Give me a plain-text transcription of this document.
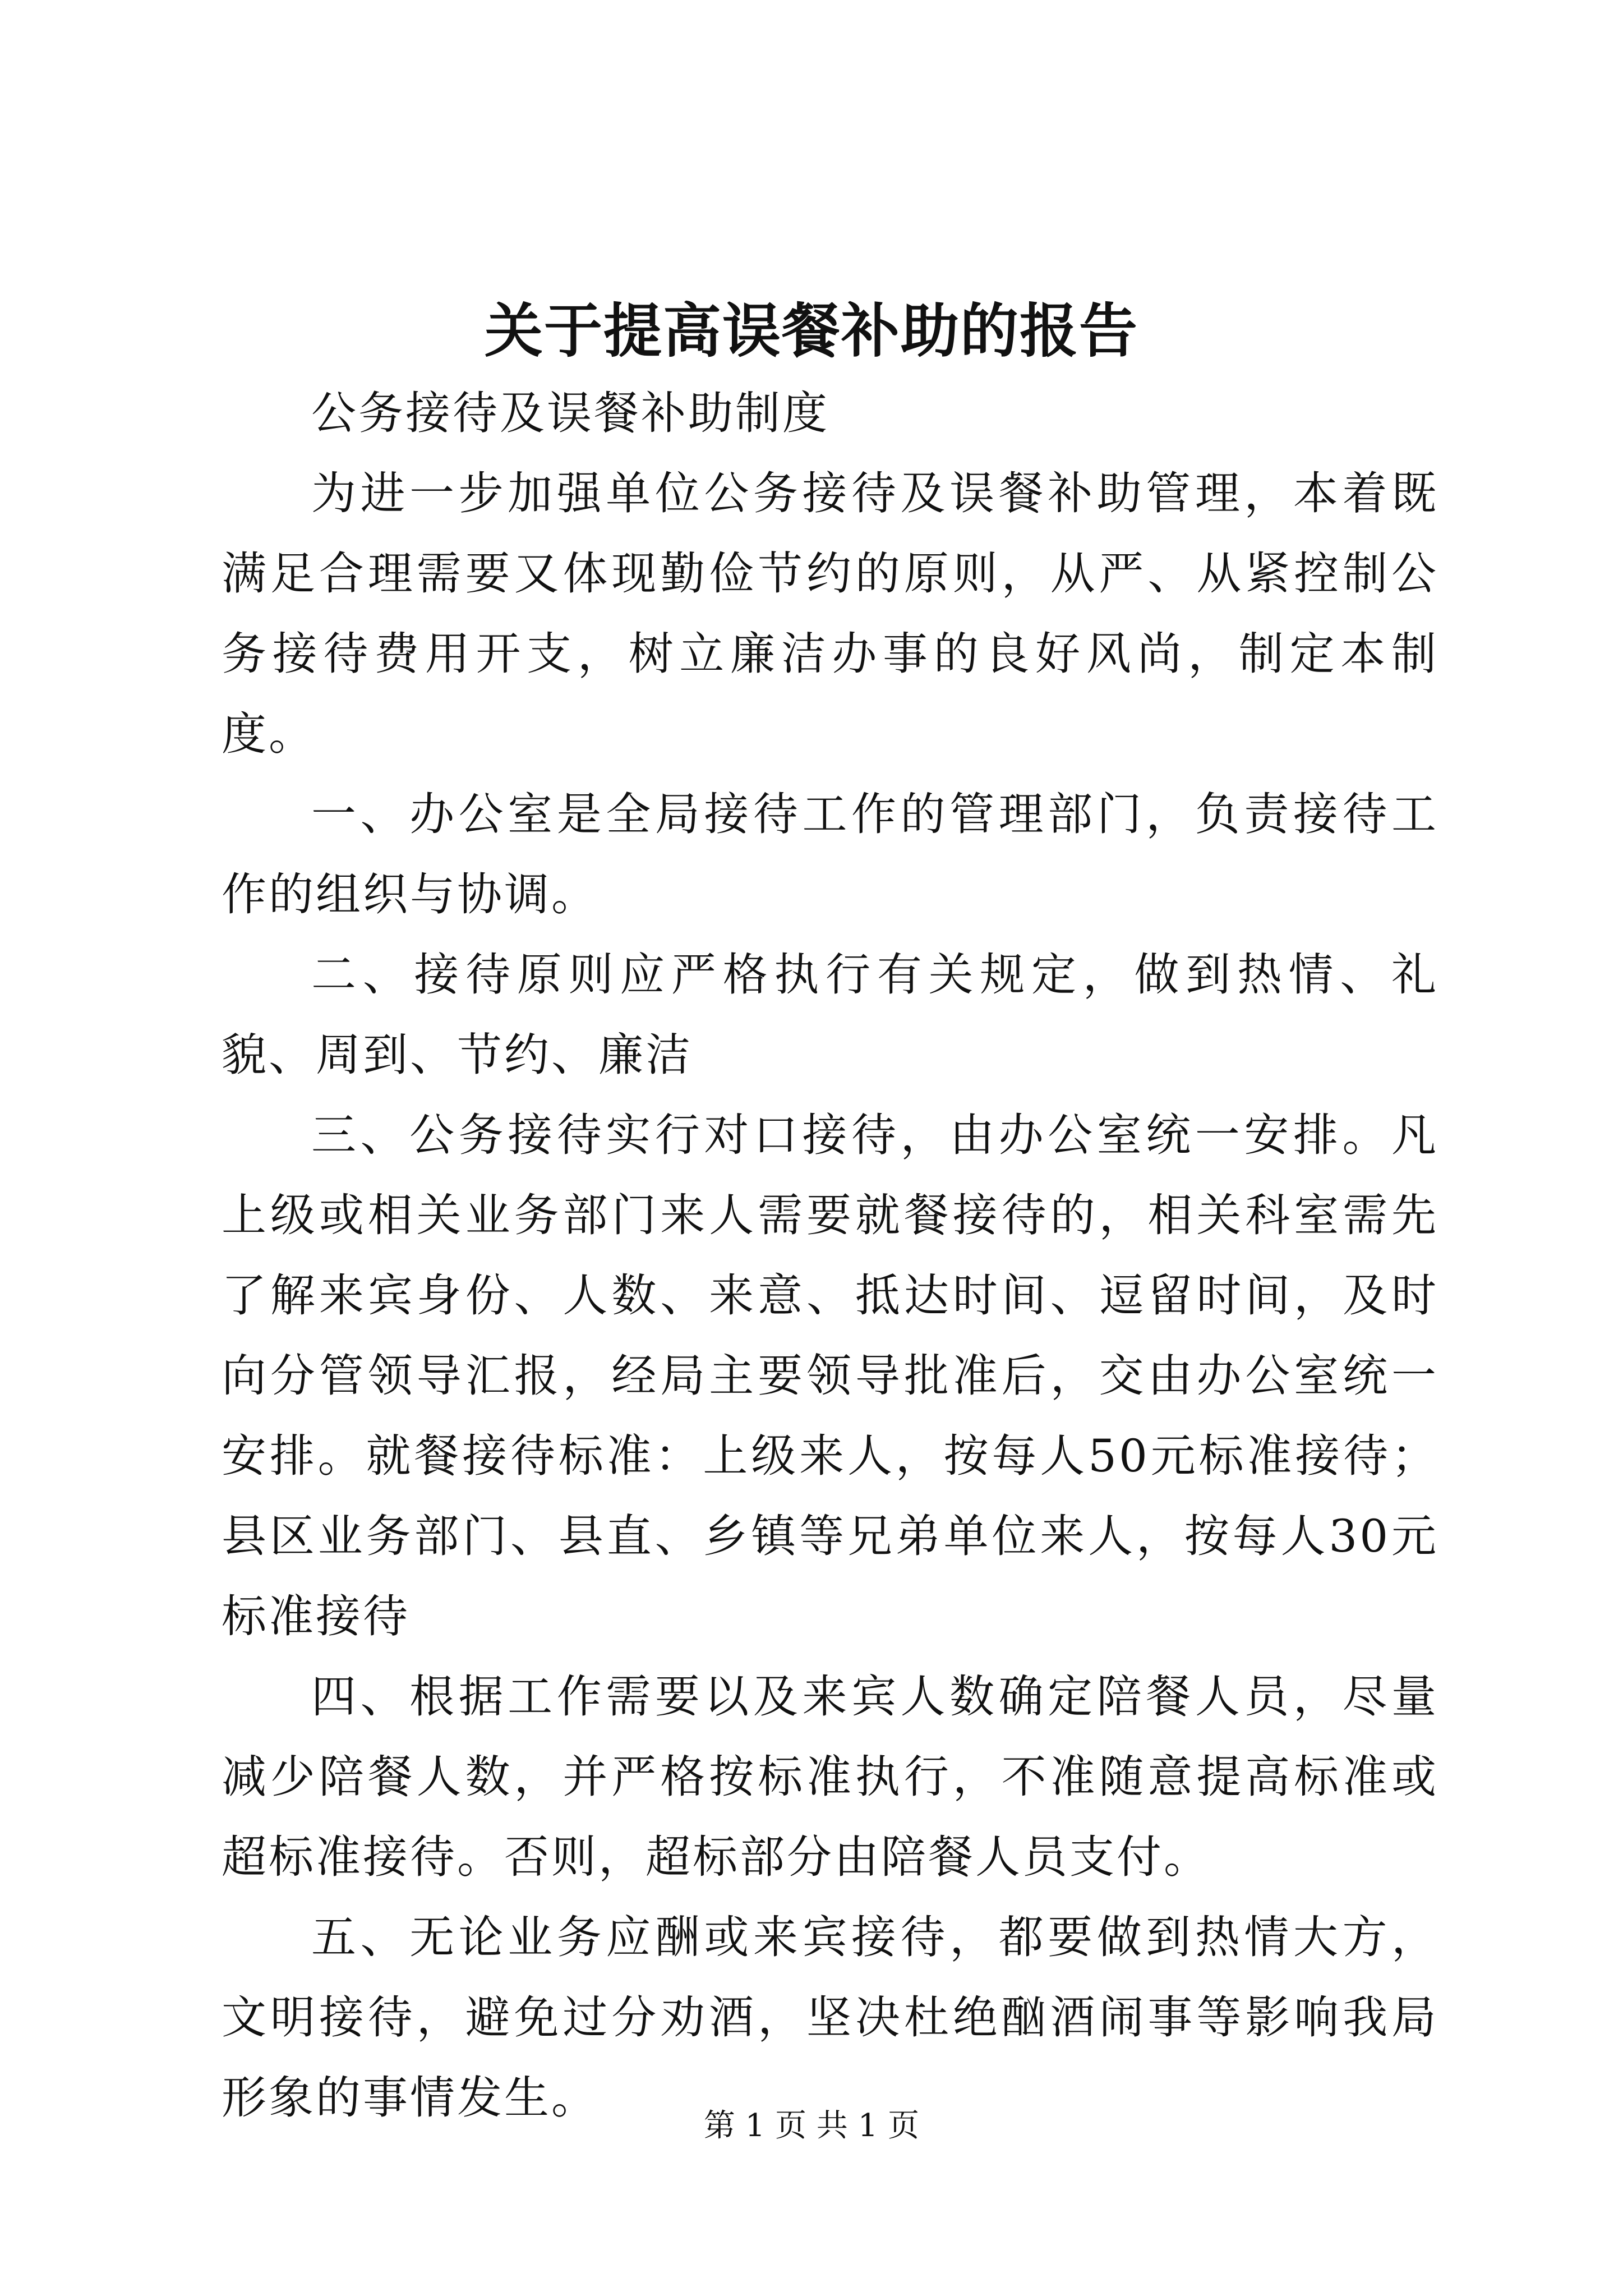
关于提高误餐补助的报告

公务接待及误餐补助制度

为进一步加强单位公务接待及误餐补助管理，本着既满足合理需要又体现勤俭节约的原则，从严、从紧控制公务接待费用开支，树立廉洁办事的良好风尚，制定本制度。

一、办公室是全局接待工作的管理部门，负责接待工作的组织与协调。

二、接待原则应严格执行有关规定，做到热情、礼貌、周到、节约、廉洁

三、公务接待实行对口接待，由办公室统一安排。凡上级或相关业务部门来人需要就餐接待的，相关科室需先了解来宾身份、人数、来意、抵达时间、逗留时间，及时向分管领导汇报，经局主要领导批准后，交由办公室统一安排。就餐接待标准：上级来人，按每人50元标准接待；县区业务部门、县直、乡镇等兄弟单位来人，按每人30元标准接待

四、根据工作需要以及来宾人数确定陪餐人员，尽量减少陪餐人数，并严格按标准执行，不准随意提高标准或超标准接待。否则，超标部分由陪餐人员支付。

五、无论业务应酬或来宾接待，都要做到热情大方，文明接待，避免过分劝酒，坚决杜绝酗酒闹事等影响我局形象的事情发生。

第 1 页 共 1 页
